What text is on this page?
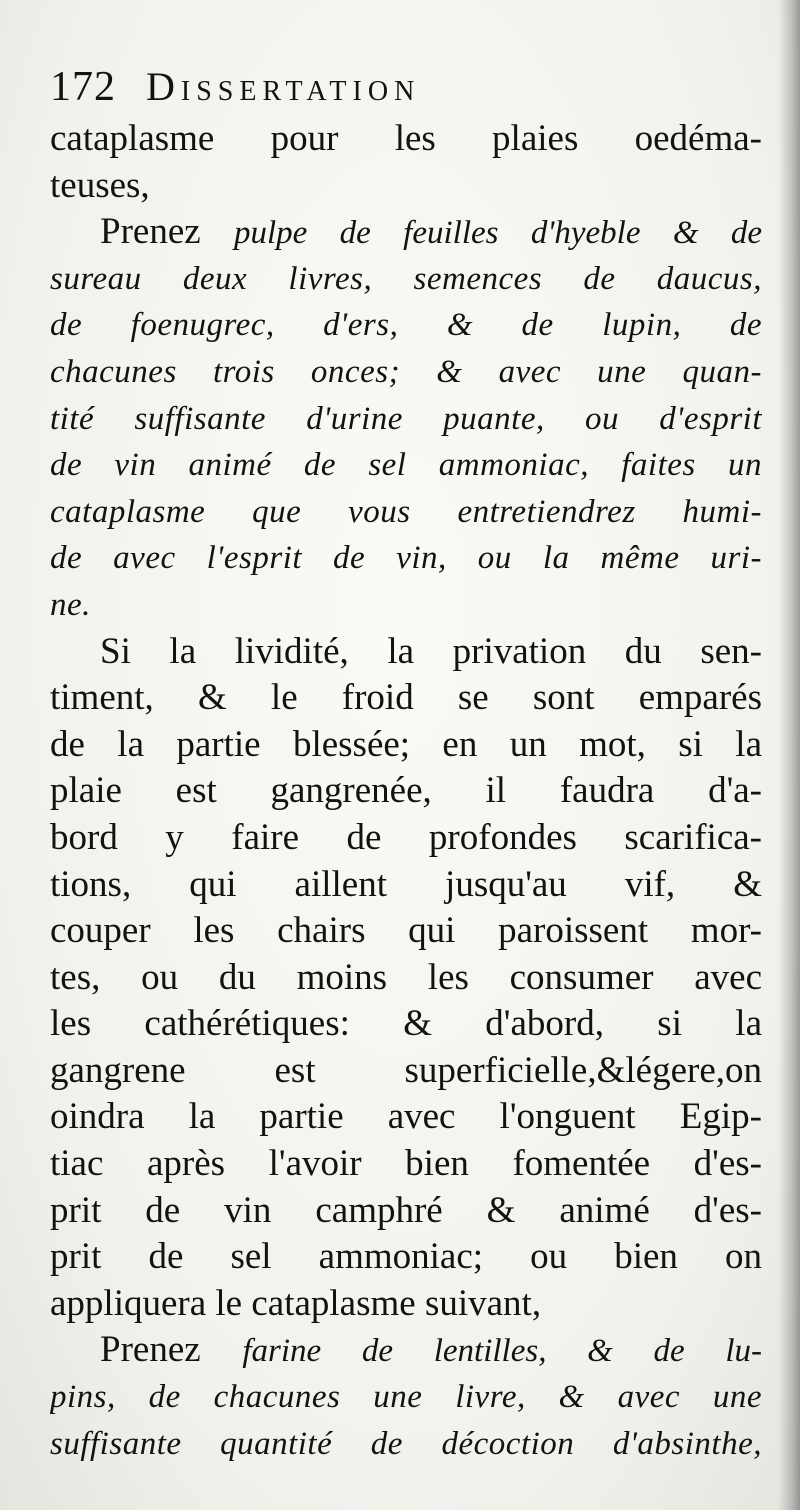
172 Dissertation
cataplasme pour les plaies oedéma-
teuses,
Prenez pulpe de feuilles d'hyeble & de
sureau deux livres, semences de daucus,
de foenugrec, d'ers, & de lupin, de
chacunes trois onces; & avec une quan-
tité suffisante d'urine puante, ou d'esprit
de vin animé de sel ammoniac, faites un
cataplasme que vous entretiendrez humi-
de avec l'esprit de vin, ou la même uri-
ne.
Si la lividité, la privation du sen-
timent, & le froid se sont emparés
de la partie blessée; en un mot, si la
plaie est gangrenée, il faudra d'a-
bord y faire de profondes scarifica-
tions, qui aillent jusqu'au vif, &
couper les chairs qui paroissent mor-
tes, ou du moins les consumer avec
les cathérétiques: & d'abord, si la
gangrene est superficielle,&légere,on
oindra la partie avec l'onguent Egip-
tiac après l'avoir bien fomentée d'es-
prit de vin camphré & animé d'es-
prit de sel ammoniac; ou bien on
appliquera le cataplasme suivant,
Prenez farine de lentilles, & de lu-
pins, de chacunes une livre, & avec une
suffisante quantité de décoction d'absinthe,
